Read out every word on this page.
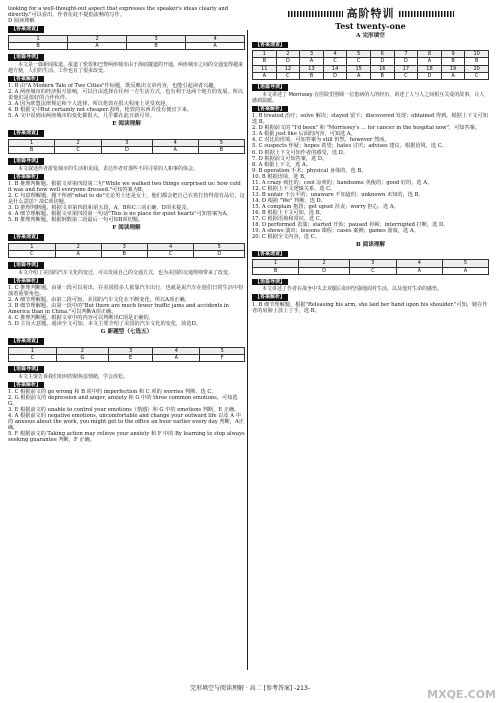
looking for a well-thought-out aspect that expresses the speaker's ideas clearly and directly."可以看出，作者在此不提倡流畅的写作。

D 阅读理解

【答案速查】
1	2	3	4
B	A	B	A
【语篇导读】

本文是一篇新闻报道。报道了伦敦和巴黎两座城市由于海底隧道的开通，两座城市之间的交通变得越来越方便，人们的生活、工作也有了很多改变。

【答案解析】

1. B 由"A Modern Tale of Two Cities"作标题，既反映出文章内容，也能引起读者兴趣。

2. A 两座城市的经济相互影响，可以自由选择在任何一方生活方式，也有利于这两个地方的发展，所以说他们是很好的合作伙伴。

3. A 因为欧盟法律规定和个人选择，所以伦敦在很大程度上更受欢迎。

4. B 根据文中But certainly not cheaper.表明，伦敦的东西并没有便宜下来。

5. A 文中说到由两座城市的变化都很大，几乎都在此日新月异。

E 阅读理解
【答案速查】
1	2	3	4	5
B	C	D	A	B
【语篇导读】

本文叙述作者游览城市的生活和见闻，表达作者对那些不同寻常的人和事的体会。

【答案解析】

1. B 推理判断题。根据文章第四段第二句"While we walked two things surprised us: how cold it was and how well everyone dressed."可知答案为B。

2. C 句意理解题。题干所画"what to do"无论男士还是女士，他们都会把自己衣着打扮得很有品位，这是什么意思？故C项切题。

3. D 推理判断题。根据文章第四段和第五段，A、B和C三项正确，D项未提及。

4. A 细节理解题。根据文章第四段第一句话"This is no place for quiet hearts"可知答案为A。

5. B 推理判断题。根据倒数第二段最后一句可知B项切题。

F 阅读理解
【答案速查】
1	2	3	4	5
C	A	B	C	D
【语篇导读】

本文介绍了美国的汽车文化的变迁，可以发展自己的交通方式，也为美国的交通规则带来了改变。

【答案解析】

1. C 推理判断题。由第一段可以看出，在美国很多人依靠汽车出行，也就是说汽车在他们日常生活中扮演着重要角色。

2. A 细节理解题。由第二段可知，美国的汽车文化在不断变化，所以A项正确。

3. B 细节理解题。由第一段中的"But there are much fewer traffic jams and accidents in America than in China."可以判断A项正确。

4. C 推理判断题。根据文章中的内容可以判断出C项是正确的。

5. D 主旨大意题。通读全文可知，本文主要介绍了美国的汽车文化的变化，故选D。

G 新题型（七选五）
【答案速查】
1	2	3	4	5
C	G	E	A	F
【语篇导读】

本文主要告诉我们如何控制焦虑情绪，学会放松。

【答案解析】

1. C 根据前文的 go wrong 和 B 项中的 imperfection 和 C 项的 worries 判断，选 C。

2. G 根据前文的 depression and anger, anxiety 和 G 中的 three common emotions，可知选 G。

3. E 根据前文的 unable to control your emotions（情感）和 G 中的 emotions 判断，E 正确。

4. A 根据前文的 negative emotions, uncomfortable and change your outward life 以及 A 中的 anxious about the work, you might get to the office an hour earlier every day 判断，A正确。

5. F 根据前文的 Taking action may relieve your anxiety 和 F 中的 By learning to stop always seeking guarantee 判断，F 正确。

高阶特训
Test twenty-one
A 完形填空
【答案速查】
1	2	3	4	5	6	7	8	9	10
B	D	A	C	C	D	D	A	B	B
11	12	13	14	15	16	17	18	19	20
A	C	B	D	A	B	C	D	A	C
【语篇导读】

本文讲述了 Morrissey 在医院里照顾一位患病的人的经历，讲述了人与人之间相互关爱的故事，让人感到温暖。

【答案解析】

1. B treated 治疗；solve 解决；stayed 留下；discovered 发现；obtained 得到。根据上下文可知选 B。

2. D 根据前文的 "I'd been" 和 "Morrissey's ... for cancer in the hospital now"，可知答案。

3. A 根据 just like 后面的内容，可知选 A。

4. C 对比的语境，可知答案为 still 仍然，however 然而。

5. C suspects 怀疑；hopes 希望；hates 讨厌；advises 建议。根据语境，选 C。

6. D 根据上下文可知作者的感受，选 D。

7. D 根据前文可知答案，选 D。

8. A 根据上下文，选 A。

9. B operation 手术；physical 身体的，选 B。

10. B 根据语境，选 B。

11. A crazy 疯狂的；cool 凉爽的；handsome 英俊的；good 好的，选 A。

12. C 根据上下文逻辑关系，选 C。

13. B unfair 不公平的；unaware 不知道的；unknown 未知的，选 B。

14. D 根据 "We" 判断，选 D。

15. A complain 抱怨；get upset 沮丧；worry 担心，选 A。

16. B 根据上下文可知，选 B。

17. C 根据语境和常识，选 C。

18. D performed 表演；started 开始；paused 停顿；interrupted 打断，选 D。

19. A shows 演出；lessons 课程；cases 案例；games 游戏，选 A。

20. C 根据全文内容，选 C。

B 阅读理解
【答案速查】
1	2	3	4	5
B	D	C	A	A
【语篇导读】

本文讲述了作者在战争中失去双腿后如何坚强地面对生活，以及他对生命的感悟。

【答案解析】

1. B 细节理解题。根据"Releasing his arm, she laid her hand upon his shoulder."可知，她在作者的肩膀上放上了手，选 B。

完形填空与阅读理解 · 高二 [参考答案] -213-	MXQE.COM
